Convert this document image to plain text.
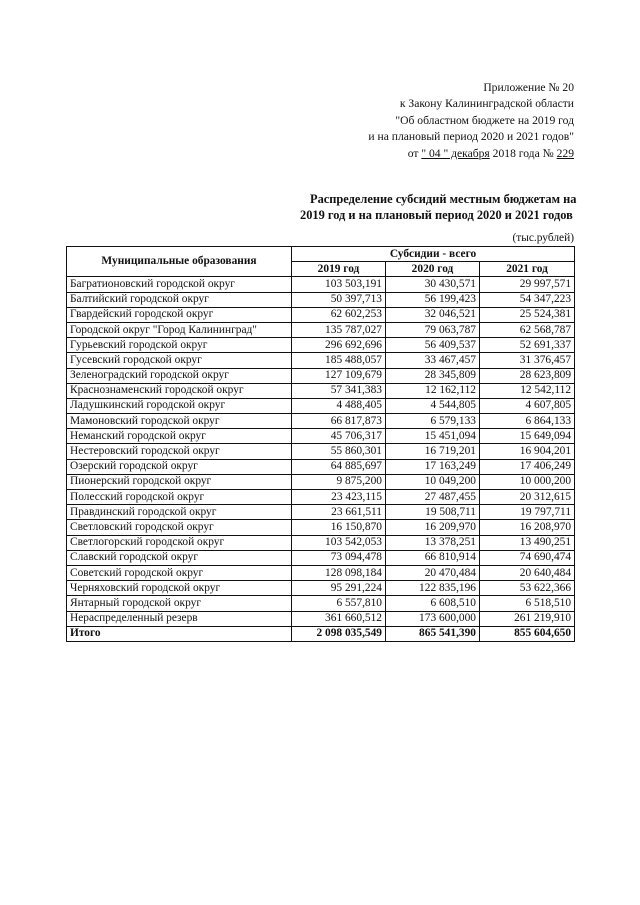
Приложение № 20
к Закону Калининградской области
"Об областном бюджете на 2019 год
и на плановый период 2020 и 2021 годов"
от " 04 " декабря 2018 года № 229
Распределение субсидий местным бюджетам на
2019 год и на плановый период 2020 и 2021 годов
(тыс.рублей)
Муниципальные образования	Субсидии - всего		
	2019 год	2020 год	2021 год
Багратионовский городской округ	103 503,191	30 430,571	29 997,571
Балтийский городской округ	50 397,713	56 199,423	54 347,223
Гвардейский городской округ	62 602,253	32 046,521	25 524,381
Городской округ "Город Калининград"	135 787,027	79 063,787	62 568,787
Гурьевский городской округ	296 692,696	56 409,537	52 691,337
Гусевский городской округ	185 488,057	33 467,457	31 376,457
Зеленоградский городской округ	127 109,679	28 345,809	28 623,809
Краснознаменский городской округ	57 341,383	12 162,112	12 542,112
Ладушкинский городской округ	4 488,405	4 544,805	4 607,805
Мамоновский городской округ	66 817,873	6 579,133	6 864,133
Неманский городской округ	45 706,317	15 451,094	15 649,094
Нестеровский городской округ	55 860,301	16 719,201	16 904,201
Озерский городской округ	64 885,697	17 163,249	17 406,249
Пионерский городской округ	9 875,200	10 049,200	10 000,200
Полесский городской округ	23 423,115	27 487,455	20 312,615
Правдинский городской округ	23 661,511	19 508,711	19 797,711
Светловский городской округ	16 150,870	16 209,970	16 208,970
Светлогорский городской округ	103 542,053	13 378,251	13 490,251
Славский городской округ	73 094,478	66 810,914	74 690,474
Советский городской округ	128 098,184	20 470,484	20 640,484
Черняховский городской округ	95 291,224	122 835,196	53 622,366
Янтарный городской округ	6 557,810	6 608,510	6 518,510
Нераспределенный резерв	361 660,512	173 600,000	261 219,910
Итого	2 098 035,549	865 541,390	855 604,650
